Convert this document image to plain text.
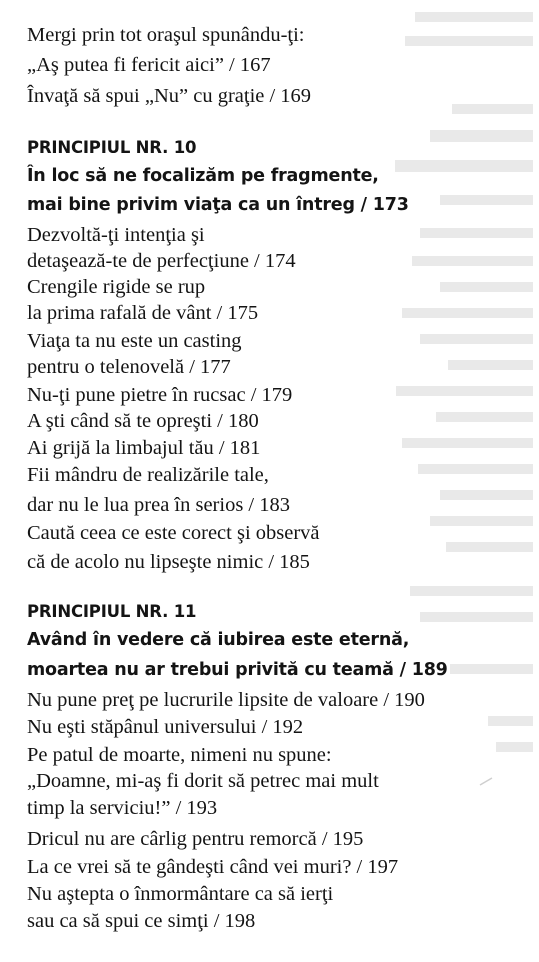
Mergi prin tot oraşul spunându-ţi:
„Aş putea fi fericit aici” / 167
Învaţă să spui „Nu” cu graţie / 169
PRINCIPIUL NR. 10
În loc să ne focalizăm pe fragmente,
mai bine privim viaţa ca un întreg / 173
Dezvoltă-ţi intenţia şi
detaşează-te de perfecţiune / 174
Crengile rigide se rup
la prima rafală de vânt / 175
Viaţa ta nu este un casting
pentru o telenovelă / 177
Nu-ţi pune pietre în rucsac / 179
A şti când să te opreşti / 180
Ai grijă la limbajul tău / 181
Fii mândru de realizările tale,
dar nu le lua prea în serios / 183
Caută ceea ce este corect şi observă
că de acolo nu lipseşte nimic / 185
PRINCIPIUL NR. 11
Având în vedere că iubirea este eternă,
moartea nu ar trebui privită cu teamă / 189
Nu pune preţ pe lucrurile lipsite de valoare / 190
Nu eşti stăpânul universului / 192
Pe patul de moarte, nimeni nu spune:
„Doamne, mi-aş fi dorit să petrec mai mult
timp la serviciu!” / 193
Dricul nu are cârlig pentru remorcă / 195
La ce vrei să te gândeşti când vei muri? / 197
Nu aştepta o înmormântare ca să ierţi
sau ca să spui ce simţi / 198
